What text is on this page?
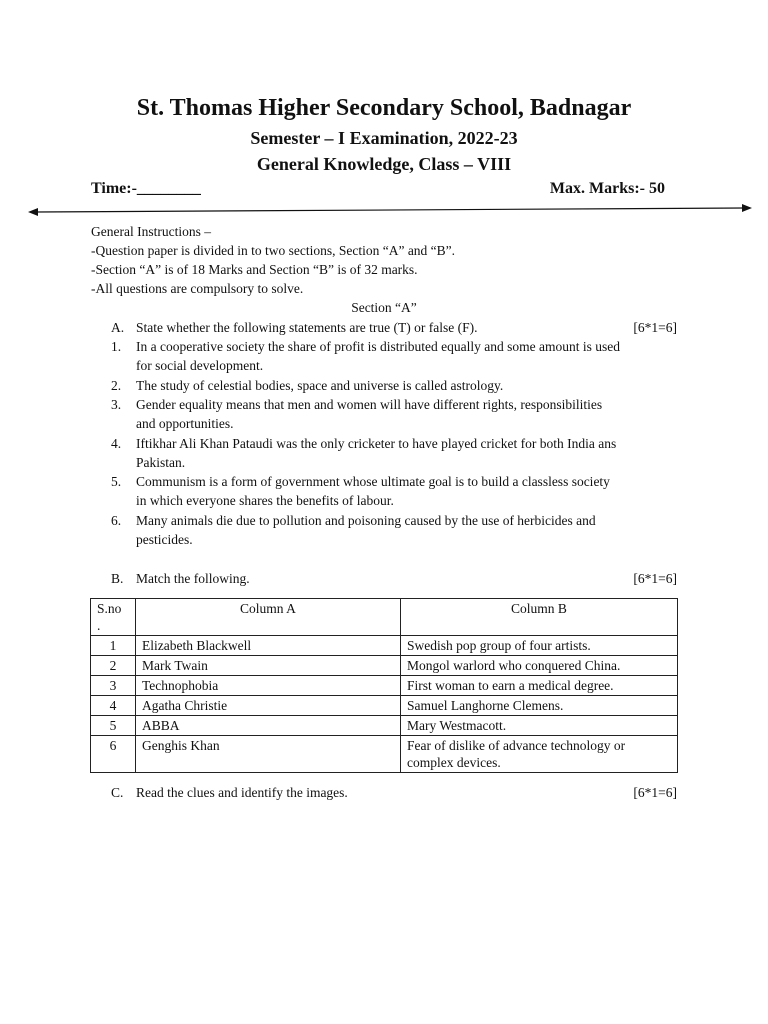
St. Thomas Higher Secondary School, Badnagar
Semester – I Examination, 2022-23
General Knowledge, Class – VIII
Time:-________	Max. Marks:- 50
General Instructions –
-Question paper is divided in to two sections, Section “A” and “B”.
-Section “A” is of 18 Marks and Section “B” is of 32 marks.
-All questions are compulsory to solve.
Section “A”
A. State whether the following statements are true (T) or false (F).	[6*1=6]
1.	In a cooperative society the share of profit is distributed equally and some amount is used
for social development.
2.	The study of celestial bodies, space and universe is called astrology.
3.	Gender equality means that men and women will have different rights, responsibilities
and opportunities.
4.	Iftikhar Ali Khan Pataudi was the only cricketer to have played cricket for both India ans
Pakistan.
5.	Communism is a form of government whose ultimate goal is to build a classless society
in which everyone shares the benefits of labour.
6.	Many animals die due to pollution and poisoning caused by the use of herbicides and
pesticides.
B. Match the following.	[6*1=6]
S.no
.	Column A	Column B
1	Elizabeth Blackwell	Swedish pop group of four artists.
2	Mark Twain	Mongol warlord who conquered China.
3	Technophobia	First woman to earn a medical degree.
4	Agatha Christie	Samuel Langhorne Clemens.
5	ABBA	Mary Westmacott.
6	Genghis Khan	Fear of dislike of advance technology or
complex devices.
C. Read the clues and identify the images.	[6*1=6]
